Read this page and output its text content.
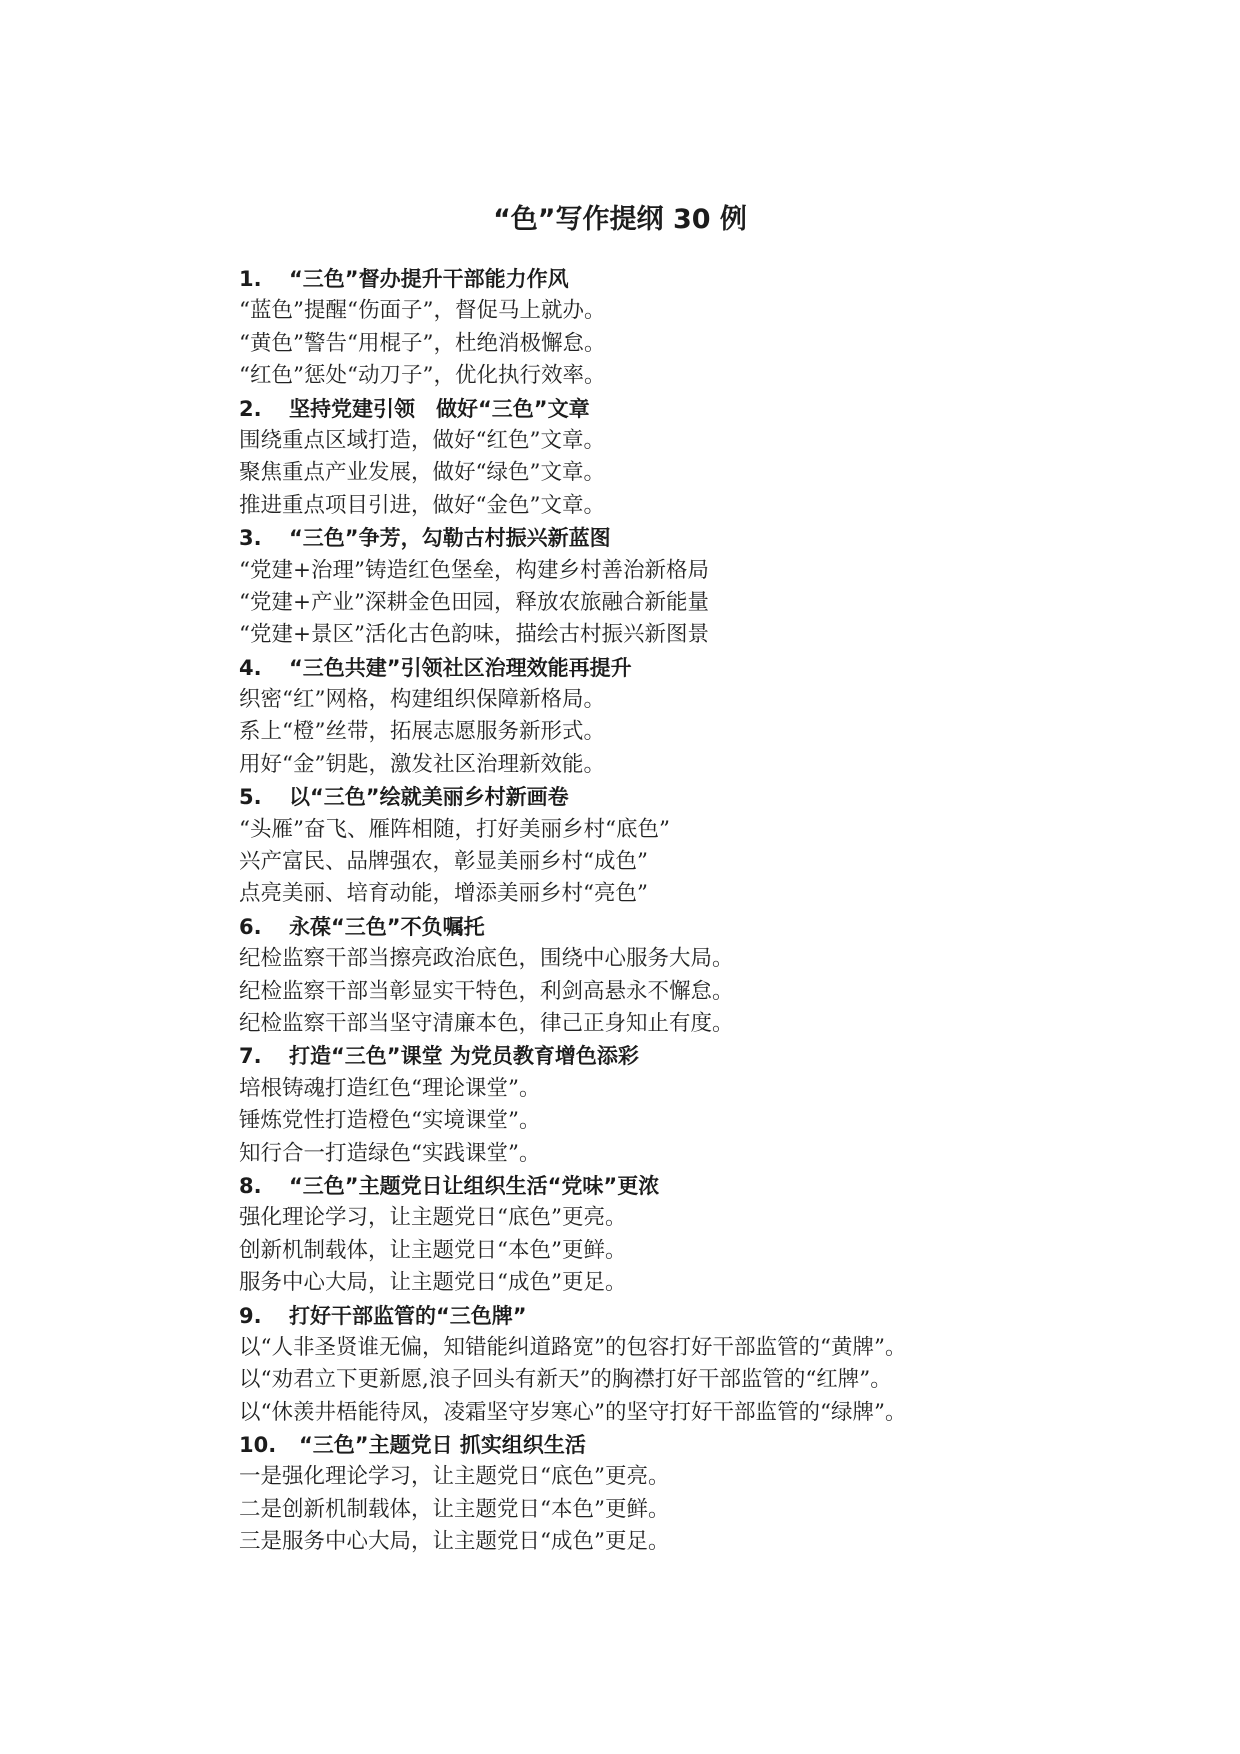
“色”写作提纲 30 例
1.	“三色”督办提升干部能力作风
“蓝色”提醒“伤面子”，督促马上就办。
“黄色”警告“用棍子”，杜绝消极懈怠。
“红色”惩处“动刀子”，优化执行效率。
2.	坚持党建引领　做好“三色”文章
围绕重点区域打造，做好“红色”文章。
聚焦重点产业发展，做好“绿色”文章。
推进重点项目引进，做好“金色”文章。
3.	“三色”争芳，勾勒古村振兴新蓝图
“党建+治理”铸造红色堡垒，构建乡村善治新格局
“党建+产业”深耕金色田园，释放农旅融合新能量
“党建+景区”活化古色韵味，描绘古村振兴新图景
4.	“三色共建”引领社区治理效能再提升
织密“红”网格，构建组织保障新格局。
系上“橙”丝带，拓展志愿服务新形式。
用好“金”钥匙，激发社区治理新效能。
5.	以“三色”绘就美丽乡村新画卷
“头雁”奋飞、雁阵相随，打好美丽乡村“底色”
兴产富民、品牌强农，彰显美丽乡村“成色”
点亮美丽、培育动能，增添美丽乡村“亮色”
6.	永葆“三色”不负嘱托
纪检监察干部当擦亮政治底色，围绕中心服务大局。
纪检监察干部当彰显实干特色，利剑高悬永不懈怠。
纪检监察干部当坚守清廉本色，律己正身知止有度。
7.	打造“三色”课堂 为党员教育增色添彩
培根铸魂打造红色“理论课堂”。
锤炼党性打造橙色“实境课堂”。
知行合一打造绿色“实践课堂”。
8.	“三色”主题党日让组织生活“党味”更浓
强化理论学习，让主题党日“底色”更亮。
创新机制载体，让主题党日“本色”更鲜。
服务中心大局，让主题党日“成色”更足。
9.	打好干部监管的“三色牌”
以“人非圣贤谁无偏，知错能纠道路宽”的包容打好干部监管的“黄牌”。
以“劝君立下更新愿,浪子回头有新天”的胸襟打好干部监管的“红牌”。
以“休羡井梧能待凤，凌霜坚守岁寒心”的坚守打好干部监管的“绿牌”。
10.	“三色”主题党日 抓实组织生活
一是强化理论学习，让主题党日“底色”更亮。
二是创新机制载体，让主题党日“本色”更鲜。
三是服务中心大局，让主题党日“成色”更足。
